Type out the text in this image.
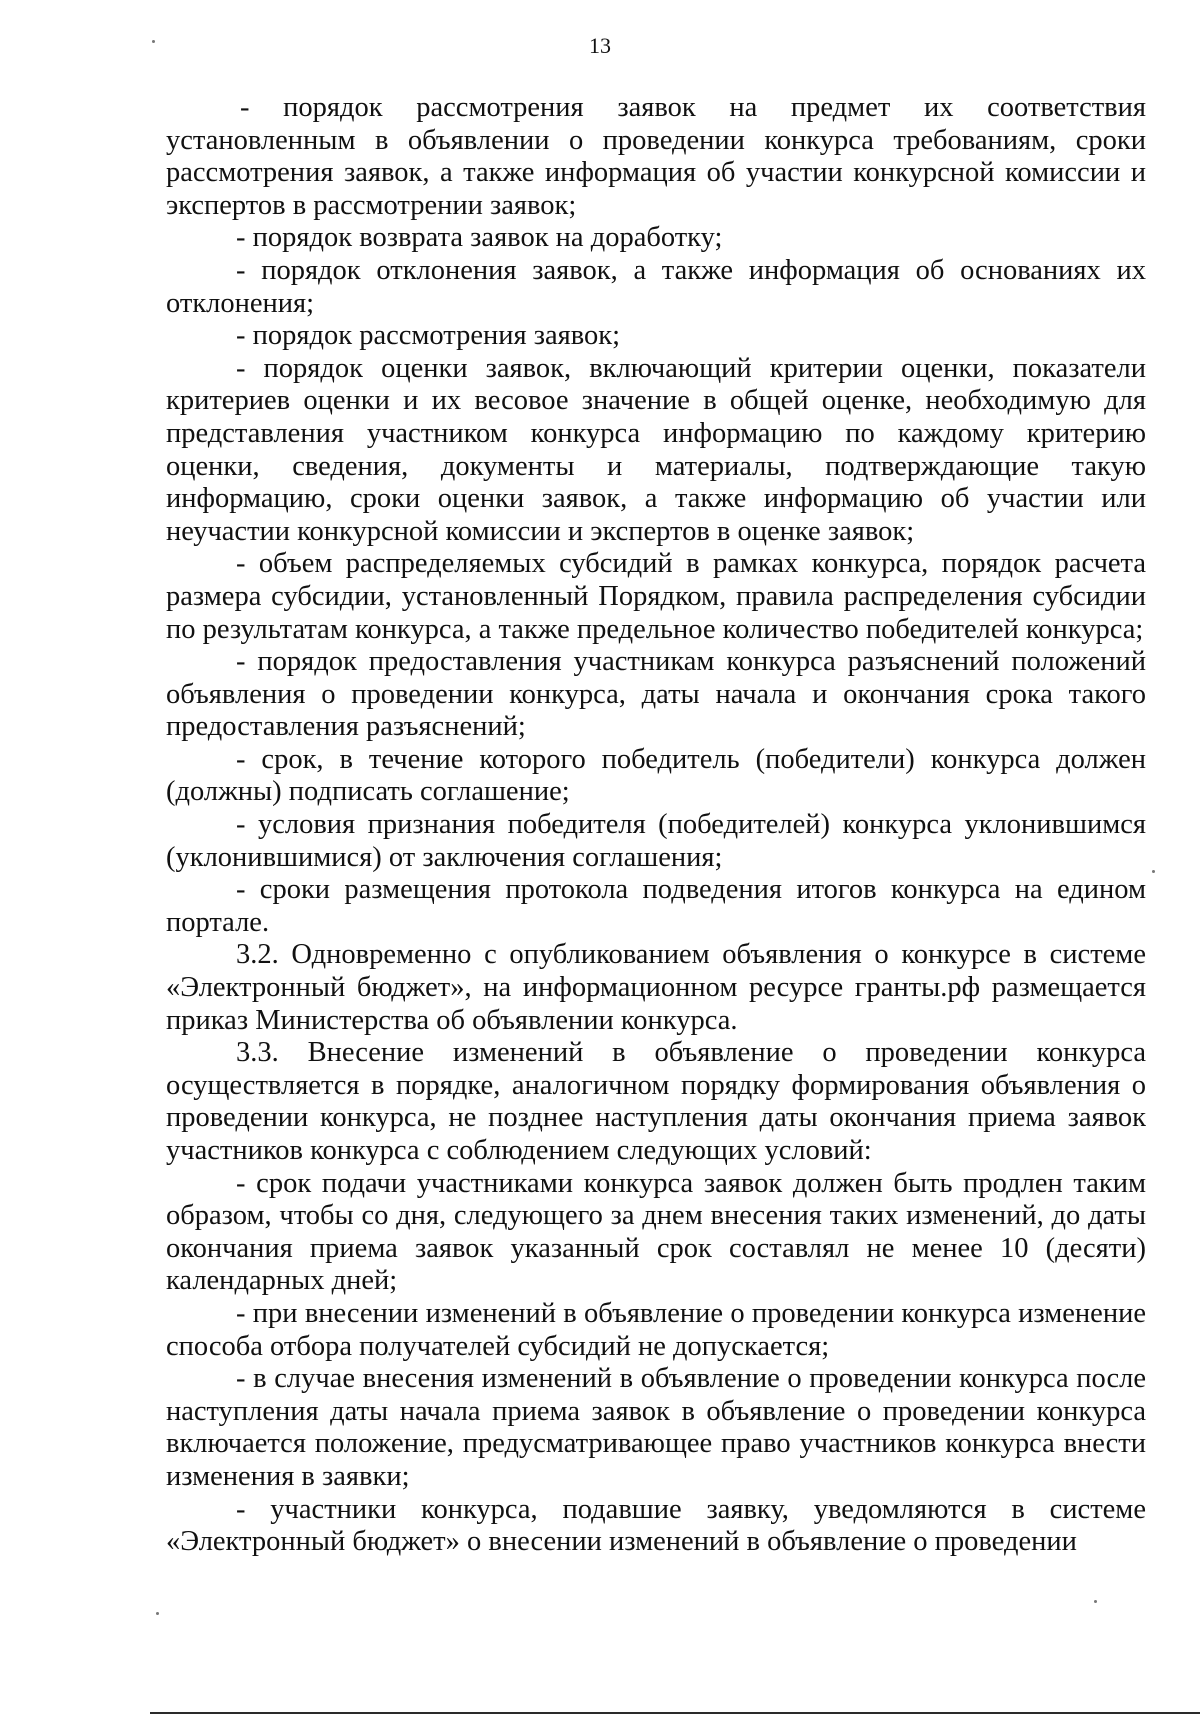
13

- порядок рассмотрения заявок на предмет их соответствия установленным в объявлении о проведении конкурса требованиям, сроки рассмотрения заявок, а также информация об участии конкурсной комиссии и экспертов в рассмотрении заявок;

- порядок возврата заявок на доработку;

- порядок отклонения заявок, а также информация об основаниях их отклонения;

- порядок рассмотрения заявок;

- порядок оценки заявок, включающий критерии оценки, показатели критериев оценки и их весовое значение в общей оценке, необходимую для представления участником конкурса информацию по каждому критерию оценки, сведения, документы и материалы, подтверждающие такую информацию, сроки оценки заявок, а также информацию об участии или неучастии конкурсной комиссии и экспертов в оценке заявок;

- объем распределяемых субсидий в рамках конкурса, порядок расчета размера субсидии, установленный Порядком, правила распределения субсидии по результатам конкурса, а также предельное количество победителей конкурса;

- порядок предоставления участникам конкурса разъяснений положений объявления о проведении конкурса, даты начала и окончания срока такого предоставления разъяснений;

- срок, в течение которого победитель (победители) конкурса должен (должны) подписать соглашение;

- условия признания победителя (победителей) конкурса уклонившимся (уклонившимися) от заключения соглашения;

- сроки размещения протокола подведения итогов конкурса на едином портале.

3.2. Одновременно с опубликованием объявления о конкурсе в системе «Электронный бюджет», на информационном ресурсе гранты.рф размещается приказ Министерства об объявлении конкурса.

3.3. Внесение изменений в объявление о проведении конкурса осуществляется в порядке, аналогичном порядку формирования объявления о проведении конкурса, не позднее наступления даты окончания приема заявок участников конкурса с соблюдением следующих условий:

- срок подачи участниками конкурса заявок должен быть продлен таким образом, чтобы со дня, следующего за днем внесения таких изменений, до даты окончания приема заявок указанный срок составлял не менее 10 (десяти) календарных дней;

- при внесении изменений в объявление о проведении конкурса изменение способа отбора получателей субсидий не допускается;

- в случае внесения изменений в объявление о проведении конкурса после наступления даты начала приема заявок в объявление о проведении конкурса включается положение, предусматривающее право участников конкурса внести изменения в заявки;

- участники конкурса, подавшие заявку, уведомляются в системе «Электронный бюджет» о внесении изменений в объявление о проведении
